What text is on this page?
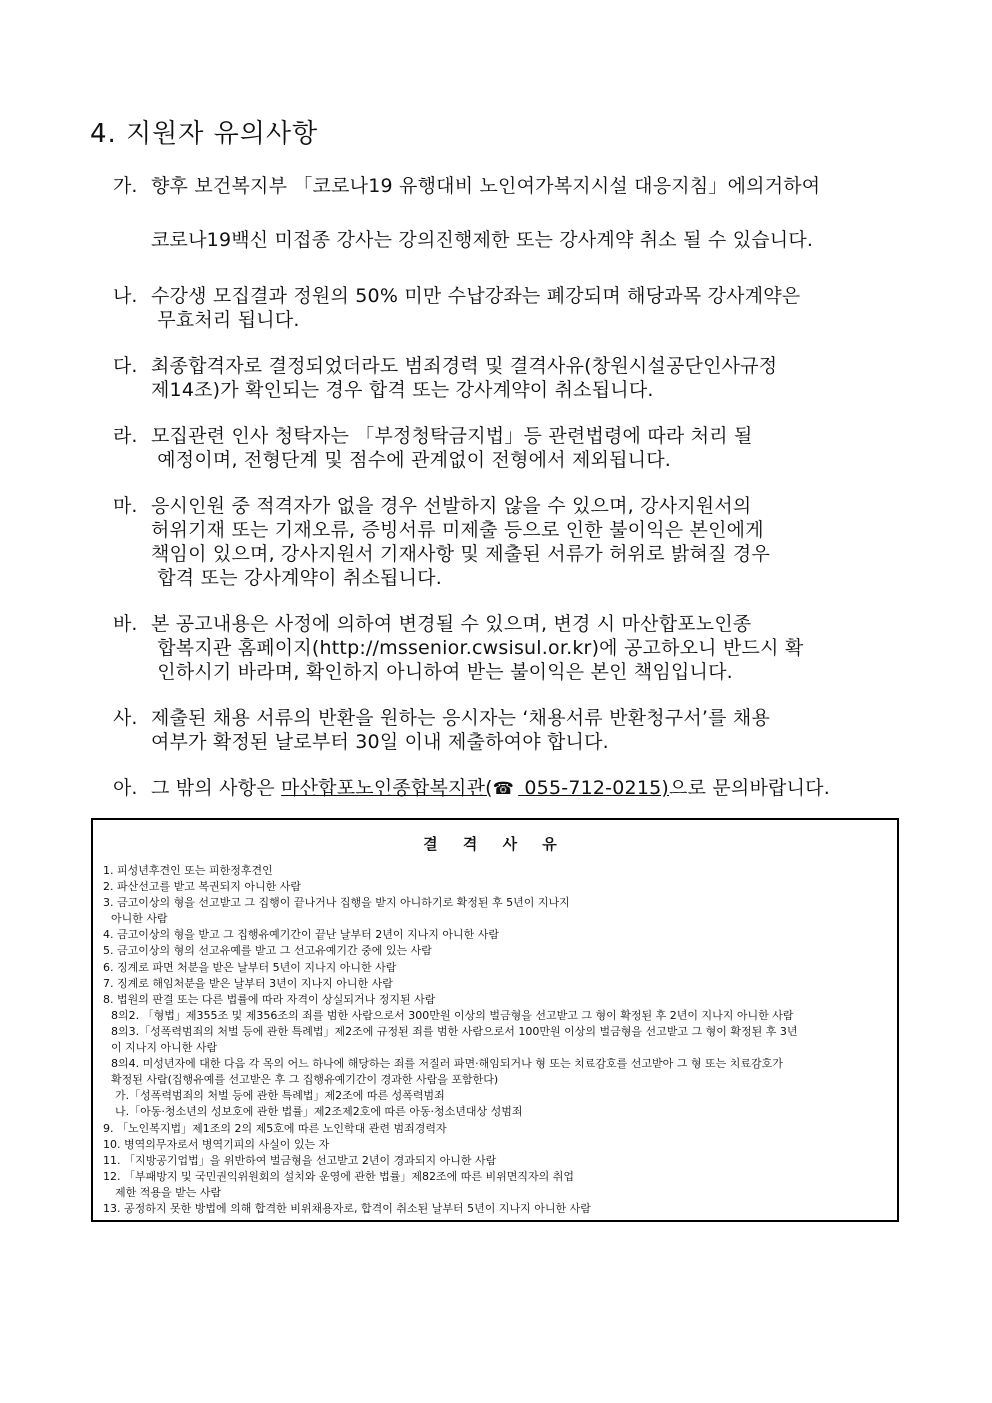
4. 지원자 유의사항
가. 향후 보건복지부 「코로나19 유행대비 노인여가복지시설 대응지침」에의거하여
코로나19백신 미접종 강사는 강의진행제한 또는 강사계약 취소 될 수 있습니다.
나. 수강생 모집결과 정원의 50% 미만 수납강좌는 폐강되며 해당과목 강사계약은
무효처리 됩니다.
다. 최종합격자로 결정되었더라도 범죄경력 및 결격사유(창원시설공단인사규정
제14조)가 확인되는 경우 합격 또는 강사계약이 취소됩니다.
라. 모집관련 인사 청탁자는 「부정청탁금지법」등 관련법령에 따라 처리 될
예정이며, 전형단계 및 점수에 관계없이 전형에서 제외됩니다.
마. 응시인원 중 적격자가 없을 경우 선발하지 않을 수 있으며, 강사지원서의
허위기재 또는 기재오류, 증빙서류 미제출 등으로 인한 불이익은 본인에게
책임이 있으며, 강사지원서 기재사항 및 제출된 서류가 허위로 밝혀질 경우
합격 또는 강사계약이 취소됩니다.
바. 본 공고내용은 사정에 의하여 변경될 수 있으며, 변경 시 마산합포노인종
합복지관 홈페이지(http://mssenior.cwsisul.or.kr)에 공고하오니 반드시 확
인하시기 바라며, 확인하지 아니하여 받는 불이익은 본인 책임입니다.
사. 제출된 채용 서류의 반환을 원하는 응시자는 ‘채용서류 반환청구서’를 채용
여부가 확정된 날로부터 30일 이내 제출하여야 합니다.
아. 그 밖의 사항은 마산합포노인종합복지관(☎ 055-712-0215)으로 문의바랍니다.
결 격 사 유
1. 피성년후견인 또는 피한정후견인
2. 파산선고를 받고 복권되지 아니한 사람
3. 금고이상의 형을 선고받고 그 집행이 끝나거나 집행을 받지 아니하기로 확정된 후 5년이 지나지
아니한 사람
4. 금고이상의 형을 받고 그 집행유예기간이 끝난 날부터 2년이 지나지 아니한 사람
5. 금고이상의 형의 선고유예를 받고 그 선고유예기간 중에 있는 사람
6. 징계로 파면 처분을 받은 날부터 5년이 지나지 아니한 사람
7. 징계로 해임처분을 받은 날부터 3년이 지나지 아니한 사람
8. 법원의 판결 또는 다른 법률에 따라 자격이 상실되거나 정지된 사람
8의2. 「형법」제355조 및 제356조의 죄를 범한 사람으로서 300만원 이상의 벌금형을 선고받고 그 형이 확정된 후 2년이 지나지 아니한 사람
8의3.「성폭력범죄의 처벌 등에 관한 특례법」제2조에 규정된 죄를 범한 사람으로서 100만원 이상의 벌금형을 선고받고 그 형이 확정된 후 3년
이 지나지 아니한 사람
8의4. 미성년자에 대한 다음 각 목의 어느 하나에 해당하는 죄를 저질러 파면·해임되거나 형 또는 치료감호를 선고받아 그 형 또는 치료감호가
확정된 사람(집행유예를 선고받은 후 그 집행유예기간이 경과한 사람을 포함한다)
가.「성폭력범죄의 처벌 등에 관한 특례법」제2조에 따른 성폭력범죄
나.「아동·청소년의 성보호에 관한 법률」제2조제2호에 따른 아동·청소년대상 성범죄
9. 「노인복지법」제1조의 2의 제5호에 따른 노인학대 관련 범죄경력자
10. 병역의무자로서 병역기피의 사실이 있는 자
11. 「지방공기업법」을 위반하여 벌금형을 선고받고 2년이 경과되지 아니한 사람
12. 「부패방지 및 국민권익위원회의 설치와 운영에 관한 법률」제82조에 따른 비위면직자의 취업
제한 적용을 받는 사람
13. 공정하지 못한 방법에 의해 합격한 비위채용자로, 합격이 취소된 날부터 5년이 지나지 아니한 사람
